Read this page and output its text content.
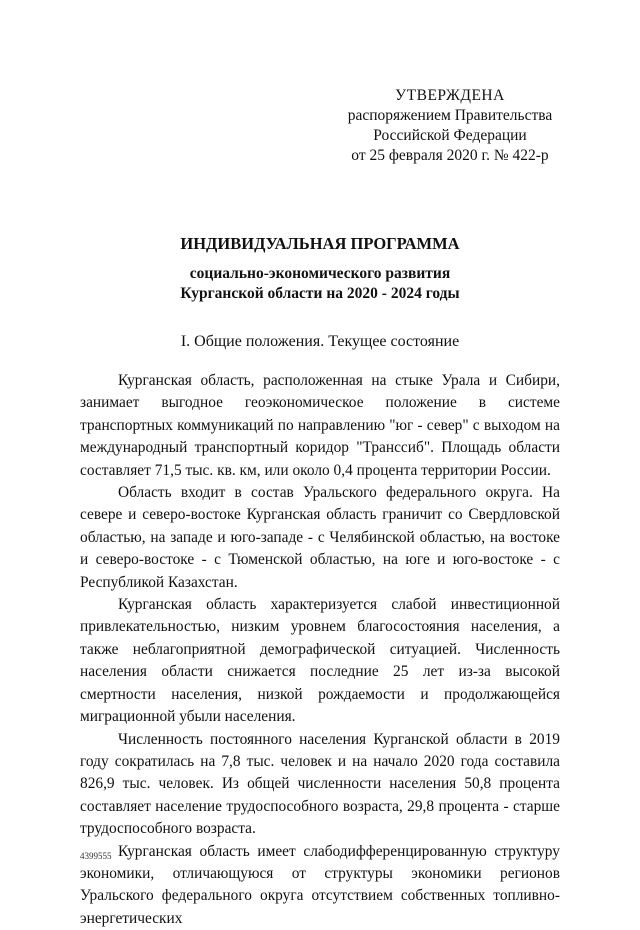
УТВЕРЖДЕНА
распоряжением Правительства
Российской Федерации
от 25 февраля 2020 г. № 422-р
ИНДИВИДУАЛЬНАЯ ПРОГРАММА
социально-экономического развития
Курганской области на 2020 - 2024 годы
I. Общие положения. Текущее состояние

Курганская область, расположенная на стыке Урала и Сибири, занимает выгодное геоэкономическое положение в системе транспортных коммуникаций по направлению "юг - север" с выходом на международный транспортный коридор "Транссиб". Площадь области составляет 71,5 тыс. кв. км, или около 0,4 процента территории России.

Область входит в состав Уральского федерального округа. На севере и северо-востоке Курганская область граничит со Свердловской областью, на западе и юго-западе - с Челябинской областью, на востоке и северо-востоке - с Тюменской областью, на юге и юго-востоке - с Республикой Казахстан.

Курганская область характеризуется слабой инвестиционной привлекательностью, низким уровнем благосостояния населения, а также неблагоприятной демографической ситуацией. Численность населения области снижается последние 25 лет из-за высокой смертности населения, низкой рождаемости и продолжающейся миграционной убыли населения.

Численность постоянного населения Курганской области в 2019 году сократилась на 7,8 тыс. человек и на начало 2020 года составила 826,9 тыс. человек. Из общей численности населения 50,8 процента составляет население трудоспособного возраста, 29,8 процента - старше трудоспособного возраста.

Курганская область имеет слабодифференцированную структуру экономики, отличающуюся от структуры экономики регионов Уральского федерального округа отсутствием собственных топливно-энергетических

4399555
